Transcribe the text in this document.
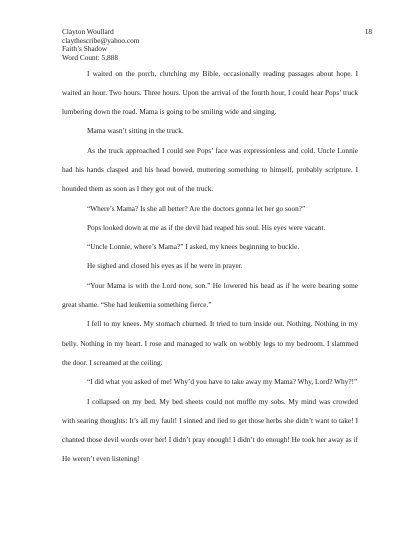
Clayton Woullard
claythescribe@yahoo.com
Faith’s Shadow
Word Count: 5,888
18

I waited on the porch, clutching my Bible, occasionally reading passages about hope. I waited an hour. Two hours. Three hours. Upon the arrival of the fourth hour, I could hear Pops’ truck lumbering down the road. Mama is going to be smiling wide and singing.

Mama wasn’t sitting in the truck.

As the truck approached I could see Pops’ face was expressionless and cold. Uncle Lonnie had his hands clasped and his head bowed, muttering something to himself, probably scripture. I hounded them as soon as I they got out of the truck.

“Where’s Mama? Is she all better? Are the doctors gonna let her go soon?”

Pops looked down at me as if the devil had reaped his soul. His eyes were vacant.

“Uncle Lonnie, where’s Mama?” I asked, my knees beginning to buckle.

He sighed and closed his eyes as if he were in prayer.

“Your Mama is with the Lord now, son.” He lowered his head as if he were bearing some great shame. “She had leukemia something fierce.”

I fell to my knees. My stomach churned. It tried to turn inside out. Nothing. Nothing in my belly. Nothing in my heart. I rose and managed to walk on wobbly legs to my bedroom. I slammed the door. I screamed at the ceiling.

“I did what you asked of me! Why’d you have to take away my Mama? Why, Lord? Why?!”

I collapsed on my bed. My bed sheets could not muffle my sobs. My mind was crowded with searing thoughts: It’s all my fault! I sinned and lied to get those herbs she didn’t want to take! I chanted those devil words over her! I didn’t pray enough! I didn’t do enough! He took her away as if He weren’t even listening!
